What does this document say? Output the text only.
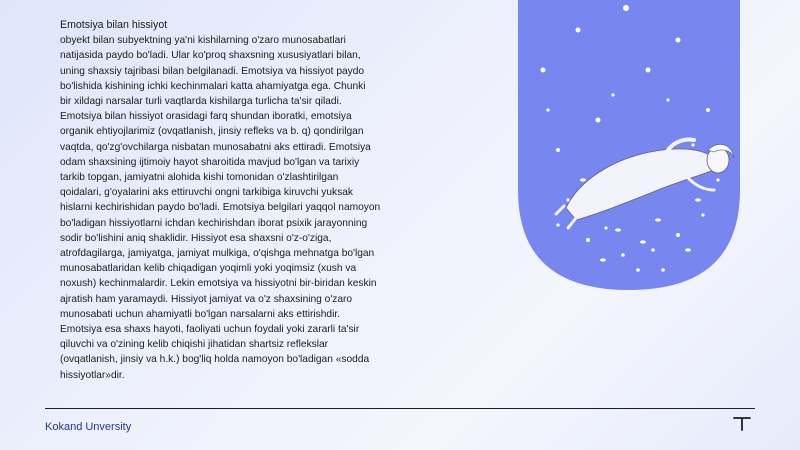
Emotsiya bilan hissiyot
obyekt bilan subyektning ya'ni kishilarning o'zaro munosabatlari
natijasida paydo bo'ladi. Ular ko'proq shaxsning xususiyatlari bilan,
uning shaxsiy tajribasi bilan belgilanadi. Emotsiya va hissiyot paydo
bo'lishida kishining ichki kechinmalari katta ahamiyatga ega. Chunki
bir xildagi narsalar turli vaqtlarda kishilarga turlicha ta'sir qiladi.
Emotsiya bilan hissiyot orasidagi farq shundan iboratki, emotsiya
organik ehtiyojlarimiz (ovqatlanish, jinsiy refleks va b. q) qondirilgan
vaqtda, qo'zg'ovchilarga nisbatan munosabatni aks ettiradi. Emotsiya
odam shaxsining ijtimoiy hayot sharoitida mavjud bo'lgan va tarixiy
tarkib topgan, jamiyatni alohida kishi tomonidan o'zlashtirilgan
qoidalari, g'oyalarini aks ettiruvchi ongni tarkibiga kiruvchi yuksak
hislarni kechirishidan paydo bo'ladi. Emotsiya belgilari yaqqol namoyon
bo'ladigan hissiyotlarni ichdan kechirishdan iborat psixik jarayonning
sodir bo'lishini aniq shaklidir. Hissiyot esa shaxsni o'z-o'ziga,
atrofdagilarga, jamiyatga, jamiyat mulkiga, o'qishga mehnatga bo'lgan
munosabatlaridan kelib chiqadigan yoqimli yoki yoqimsiz (xush va
noxush) kechinmalardir. Lekin emotsiya va hissiyotni bir-biridan keskin
ajratish ham yaramaydi. Hissiyot jamiyat va o'z shaxsining o'zaro
munosabati uchun ahamiyatli bo'lgan narsalarni aks ettirishdir.
Emotsiya esa shaxs hayoti, faoliyati uchun foydali yoki zararli ta'sir
qiluvchi va o'zining kelib chiqishi jihatidan shartsiz reflekslar
(ovqatlanish, jinsiy va h.k.) bog'liq holda namoyon bo'ladigan «sodda
hissiyotlar»dir.
Kokand Unversity
